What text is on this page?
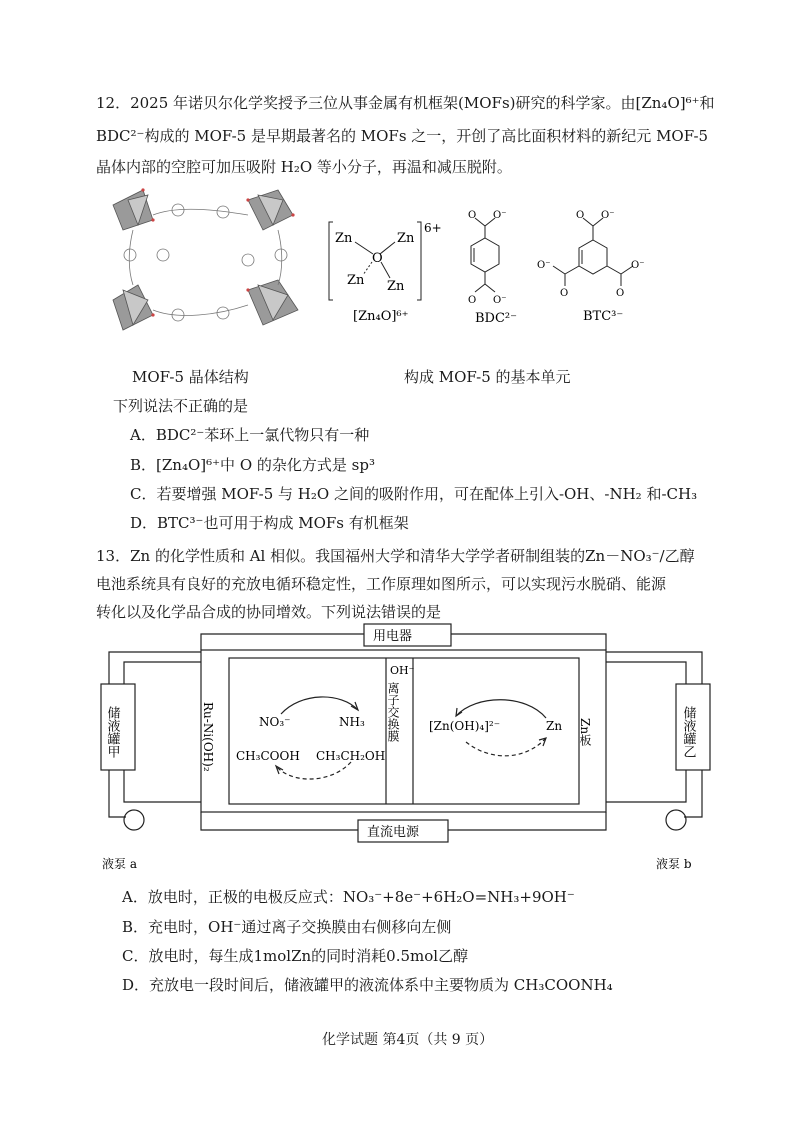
12．2025 年诺贝尔化学奖授予三位从事金属有机框架(MOFs)研究的科学家。由[Zn₄O]⁶⁺和
BDC²⁻构成的 MOF-5 是早期最著名的 MOFs 之一，开创了高比面积材料的新纪元 MOF-5
晶体内部的空腔可加压吸附 H₂O 等小分子，再温和减压脱附。
Zn	Zn
O
Zn Zn
6+
[Zn₄O]⁶⁺
O O⁻
O O⁻
BDC²⁻
O O⁻
O⁻
O
O⁻
O
BTC³⁻
MOF-5 晶体结构	构成 MOF-5 的基本单元
下列说法不正确的是
A．BDC²⁻苯环上一氯代物只有一种
B．[Zn₄O]⁶⁺中 O 的杂化方式是 sp³
C．若要增强 MOF-5 与 H₂O 之间的吸附作用，可在配体上引入-OH、-NH₂ 和-CH₃
D．BTC³⁻也可用于构成 MOFs 有机框架
13．Zn 的化学性质和 Al 相似。我国福州大学和清华大学学者研制组装的Zn－NO₃⁻/乙醇
电池系统具有良好的充放电循环稳定性，工作原理如图所示，可以实现污水脱硝、能源
转化以及化学品合成的协同增效。下列说法错误的是
用电器
直流电源
储液罐甲	储液罐乙
液泵 a	液泵 b
Ru-Ni(OH)₂	Zn板
OH⁻
离子交换膜
NO₃⁻	NH₃
CH₃COOH CH₃CH₂OH
[Zn(OH)₄]²⁻	Zn
A．放电时，正极的电极反应式：NO₃⁻+8e⁻+6H₂O=NH₃+9OH⁻
B．充电时，OH⁻通过离子交换膜由右侧移向左侧
C．放电时，每生成1molZn的同时消耗0.5mol乙醇
D．充放电一段时间后，储液罐甲的液流体系中主要物质为 CH₃COONH₄
化学试题 第4页（共 9 页）
